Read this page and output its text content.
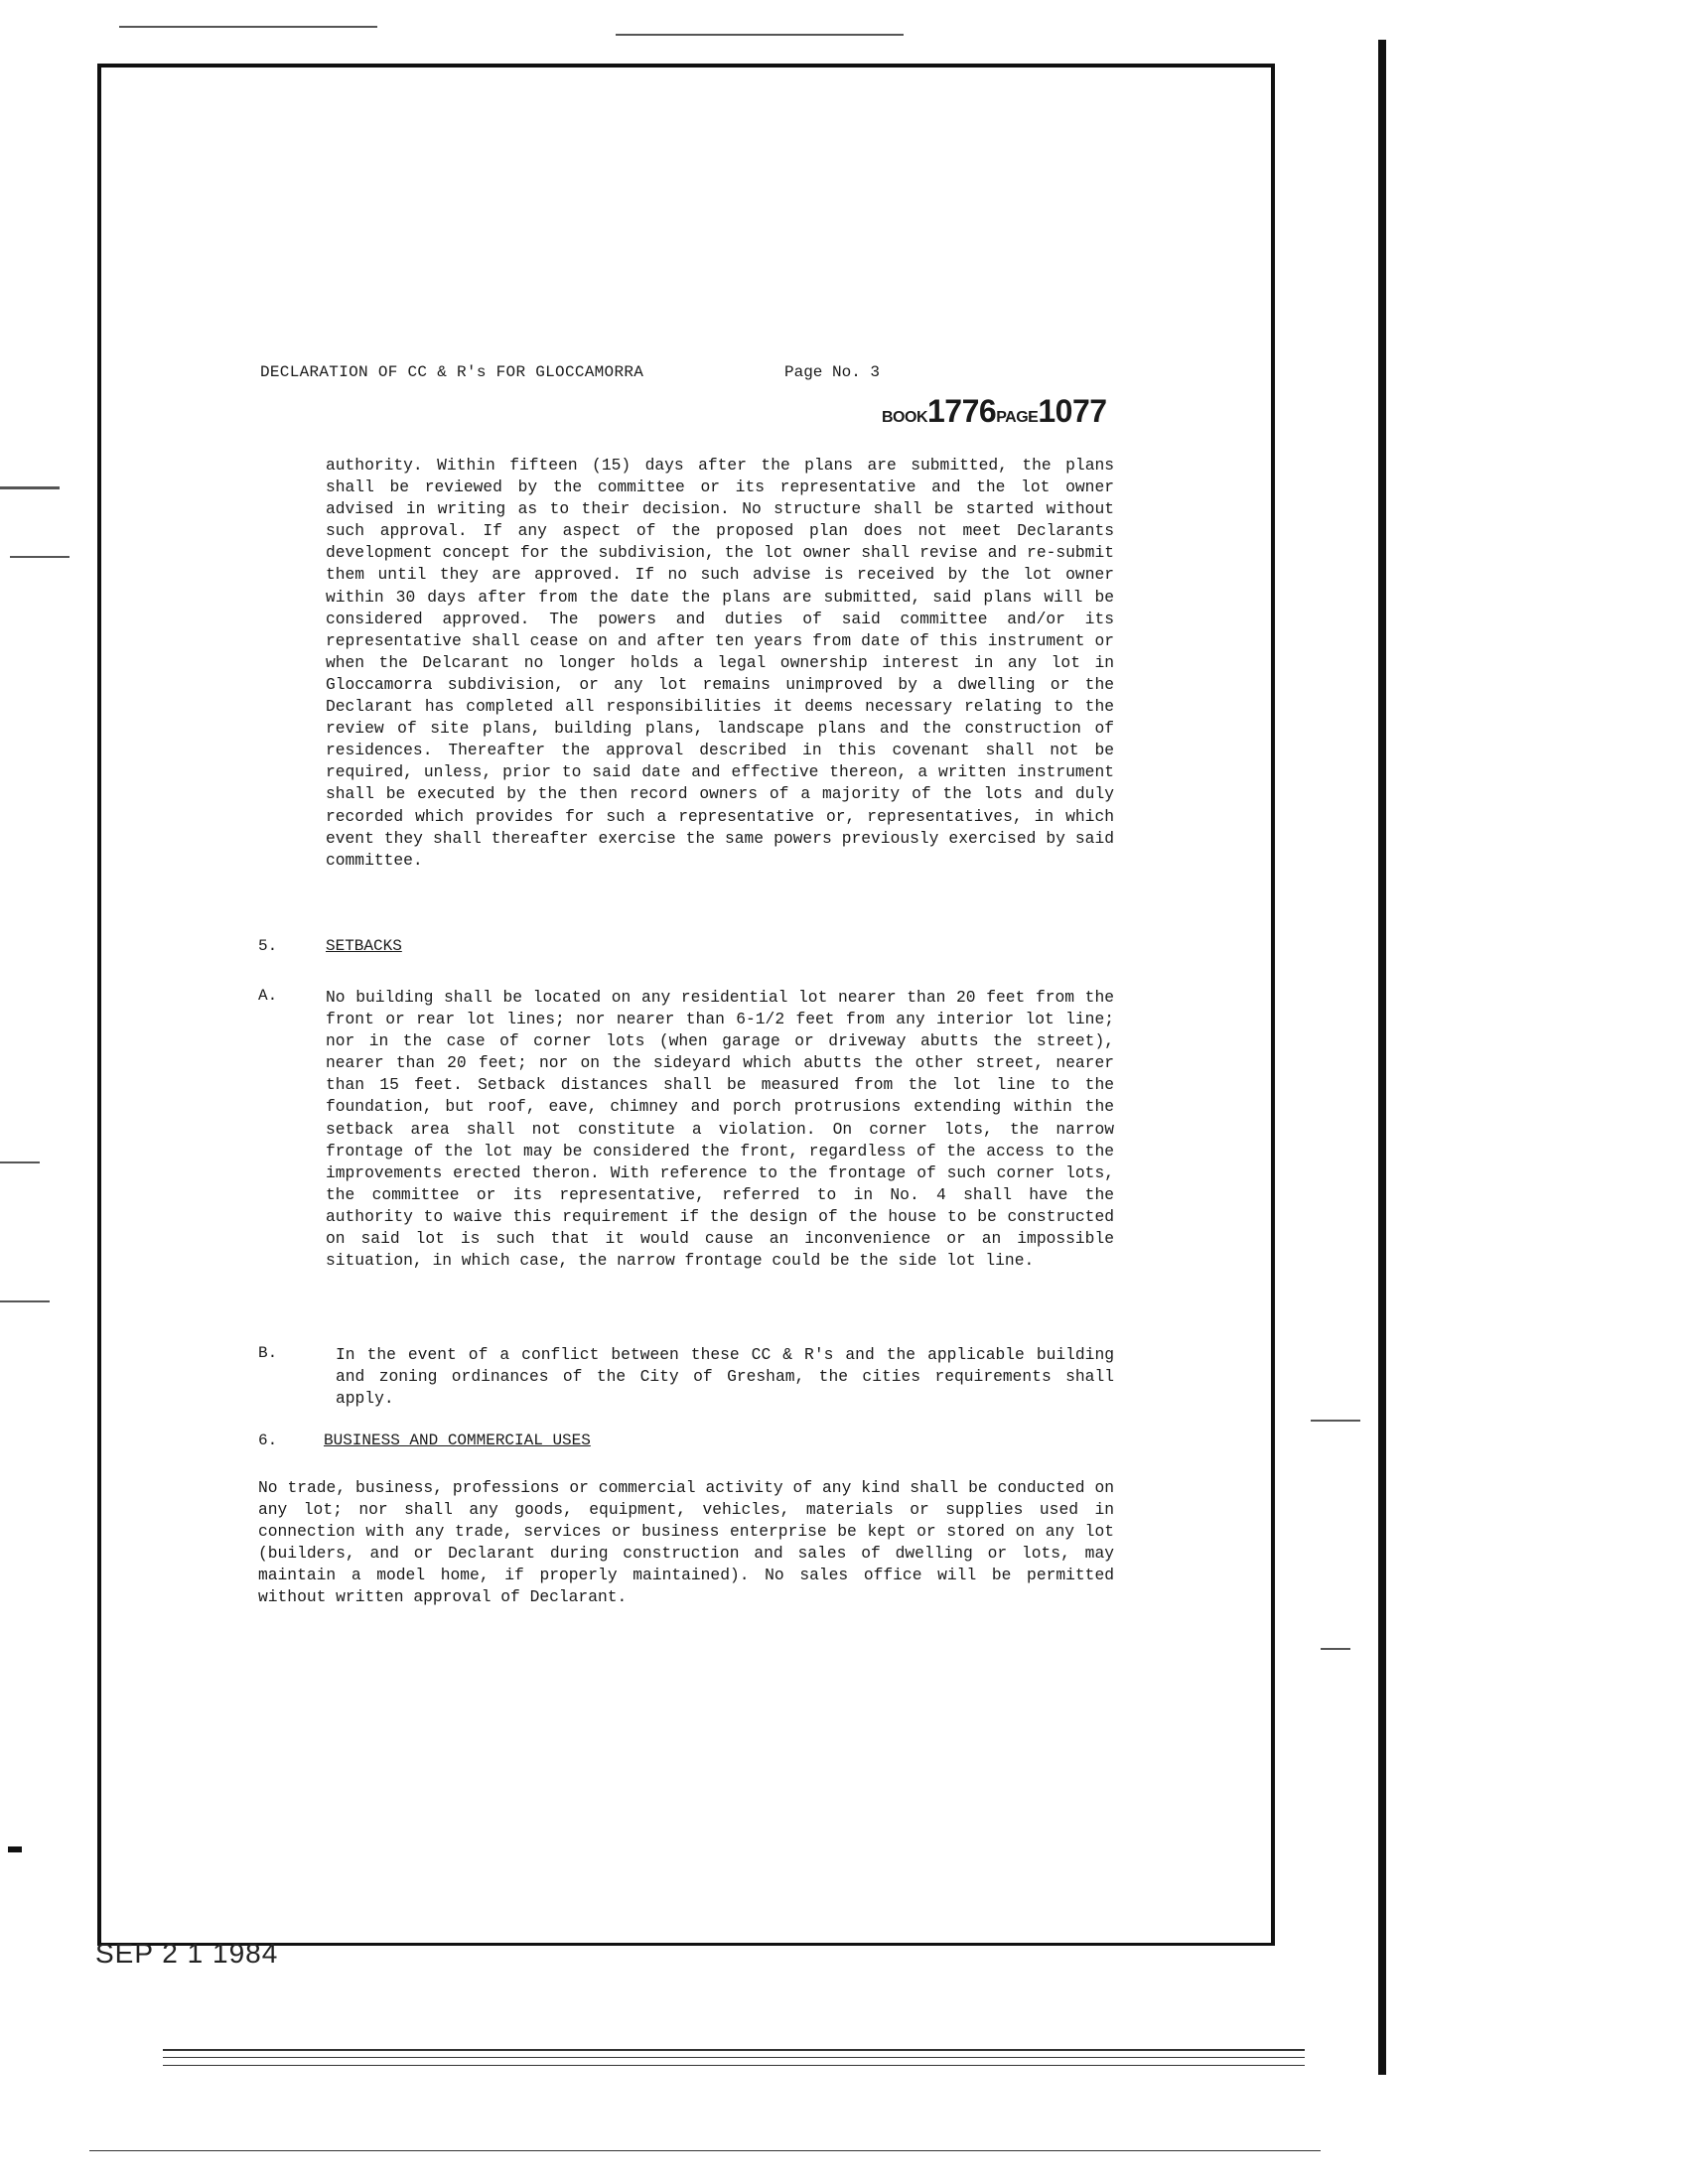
DECLARATION OF CC & R's FOR GLOCCAMORRA	Page No. 3
BOOK1776PAGE1077

authority. Within fifteen (15) days after the plans are submitted, the plans shall be reviewed by the committee or its representative and the lot owner advised in writing as to their decision. No structure shall be started without such approval. If any aspect of the proposed plan does not meet Declarants development concept for the subdivision, the lot owner shall revise and re-submit them until they are approved. If no such advise is received by the lot owner within 30 days after from the date the plans are submitted, said plans will be considered approved. The powers and duties of said committee and/or its representative shall cease on and after ten years from date of this instrument or when the Delcarant no longer holds a legal ownership interest in any lot in Gloccamorra subdivision, or any lot remains unimproved by a dwelling or the Declarant has completed all responsibilities it deems necessary relating to the review of site plans, building plans, landscape plans and the construction of residences. Thereafter the approval described in this covenant shall not be required, unless, prior to said date and effective thereon, a written instrument shall be executed by the then record owners of a majority of the lots and duly recorded which provides for such a representative or, representatives, in which event they shall thereafter exercise the same powers previously exercised by said committee.

5.	SETBACKS
A.	No building shall be located on any residential lot nearer than 20 feet from the front or rear lot lines; nor nearer than 6-1/2 feet from any interior lot line; nor in the case of corner lots (when garage or driveway abutts the street), nearer than 20 feet; nor on the sideyard which abutts the other street, nearer than 15 feet. Setback distances shall be measured from the lot line to the foundation, but roof, eave, chimney and porch protrusions extending within the setback area shall not constitute a violation. On corner lots, the narrow frontage of the lot may be considered the front, regardless of the access to the improvements erected theron. With reference to the frontage of such corner lots, the committee or its representative, referred to in No. 4 shall have the authority to waive this requirement if the design of the house to be constructed on said lot is such that it would cause an inconvenience or an impossible situation, in which case, the narrow frontage could be the side lot line.

B.	In the event of a conflict between these CC & R's and the applicable building and zoning ordinances of the City of Gresham, the cities requirements shall apply.

6.	BUSINESS AND COMMERCIAL USES

No trade, business, professions or commercial activity of any kind shall be conducted on any lot; nor shall any goods, equipment, vehicles, materials or supplies used in connection with any trade, services or business enterprise be kept or stored on any lot (builders, and or Declarant during construction and sales of dwelling or lots, may maintain a model home, if properly maintained). No sales office will be permitted without written approval of Declarant.

SEP 2 1 1984
